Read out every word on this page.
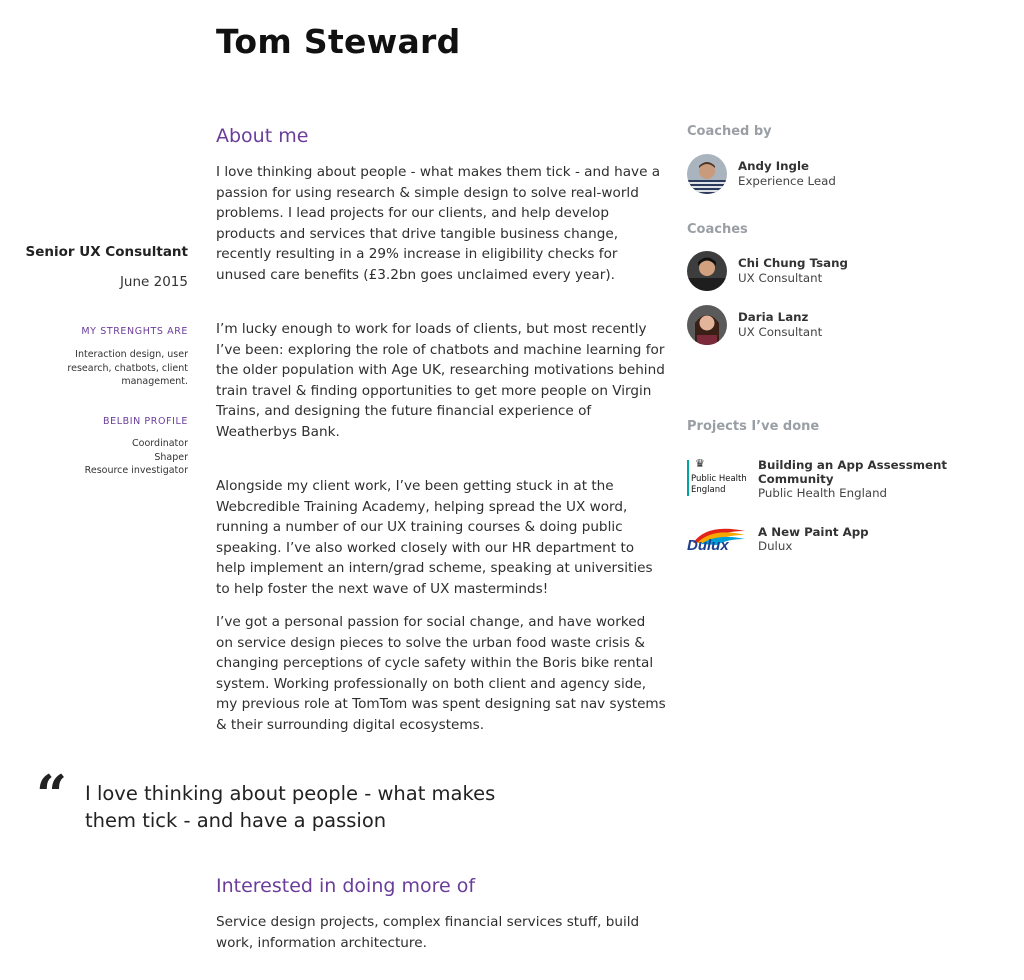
Tom Steward
Senior UX Consultant
June 2015
MY STRENGHTS ARE
Interaction design, user research, chatbots, client management.
BELBIN PROFILE
Coordinator
Shaper
Resource investigator
About me
I love thinking about people - what makes them tick - and have a passion for using research & simple design to solve real-world problems. I lead projects for our clients, and help develop products and services that drive tangible business change, recently resulting in a 29% increase in eligibility checks for unused care benefits (£3.2bn goes unclaimed every year).
I’m lucky enough to work for loads of clients, but most recently I’ve been: exploring the role of chatbots and machine learning for the older population with Age UK, researching motivations behind train travel & finding opportunities to get more people on Virgin Trains, and designing the future financial experience of Weatherbys Bank.
Alongside my client work, I’ve been getting stuck in at the Webcredible Training Academy, helping spread the UX word, running a number of our UX training courses & doing public speaking. I’ve also worked closely with our HR department to help implement an intern/grad scheme, speaking at universities to help foster the next wave of UX masterminds!
I’ve got a personal passion for social change, and have worked on service design pieces to solve the urban food waste crisis & changing perceptions of cycle safety within the Boris bike rental system. Working professionally on both client and agency side, my previous role at TomTom was spent designing sat nav systems & their surrounding digital ecosystems.
“ I love thinking about people - what makes them tick - and have a passion
Interested in doing more of
Service design projects, complex financial services stuff, build work, information architecture.
Coached by
Andy Ingle
Experience Lead
Coaches
Chi Chung Tsang
UX Consultant
Daria Lanz
UX Consultant
Projects I’ve done
♛
Public Health England
Building an App Assessment Community
Public Health England
Dulux
A New Paint App
Dulux
